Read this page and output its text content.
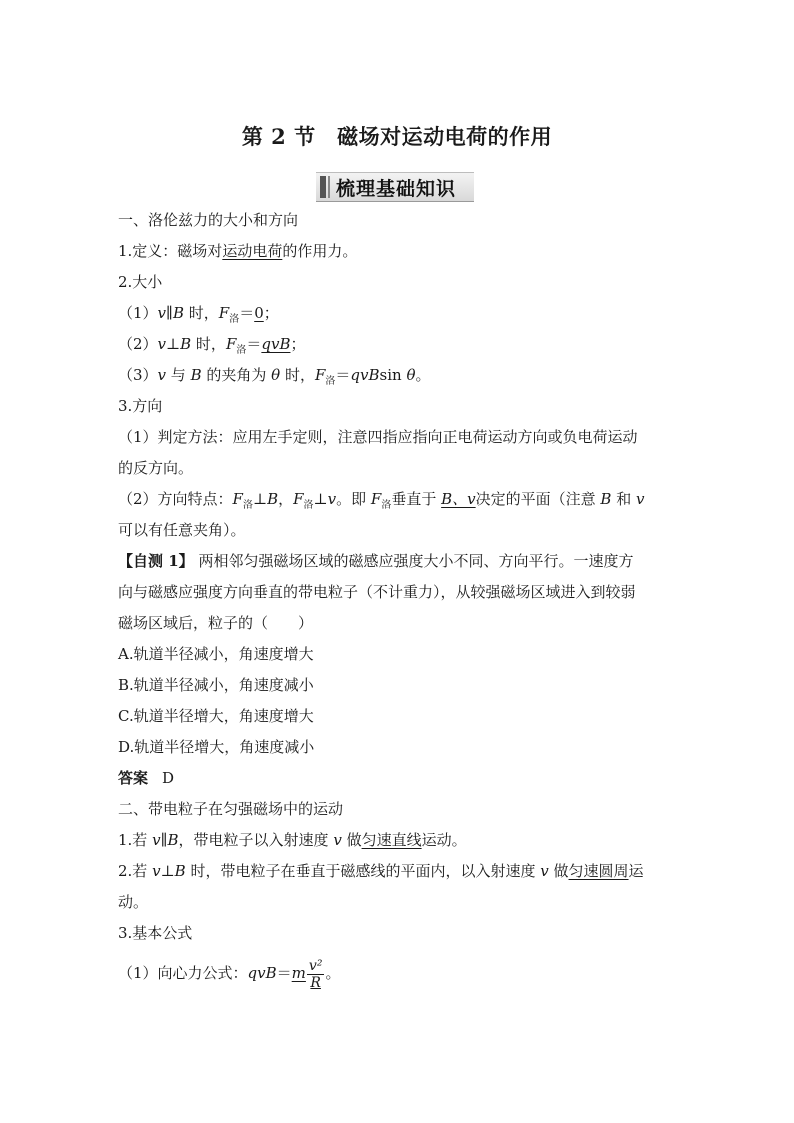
第 2 节　磁场对运动电荷的作用
梳理基础知识
一、洛伦兹力的大小和方向
1.定义：磁场对运动电荷的作用力。
2.大小
（1）v∥B 时，$F_洛=0$；
（2）v⊥B 时，$F_洛=qvB$；
（3）v 与 B 的夹角为 θ 时，$F_洛=qvBsin$ θ。
3.方向
（1）判定方法：应用左手定则，注意四指应指向正电荷运动方向或负电荷运动
的反方向。
（2）方向特点：$F_洛\perp B$，$F_洛\perp v$。即 $F_洛$垂直于 B、v决定的平面（注意 B 和 v
可以有任意夹角）。
【自测 1】 两相邻匀强磁场区域的磁感应强度大小不同、方向平行。一速度方
向与磁感应强度方向垂直的带电粒子（不计重力），从较强磁场区域进入到较弱
磁场区域后，粒子的（　　）
A.轨道半径减小，角速度增大
B.轨道半径减小，角速度减小
C.轨道半径增大，角速度增大
D.轨道半径增大，角速度减小
答案 D
二、带电粒子在匀强磁场中的运动
1.若 v∥B，带电粒子以入射速度 v 做匀速直线运动。
2.若 v⊥B 时，带电粒子在垂直于磁感线的平面内，以入射速度 v 做匀速圆周运
动。
3.基本公式
（1）向心力公式：$qvB=m \frac{\text{v²}}{R}$ 。
